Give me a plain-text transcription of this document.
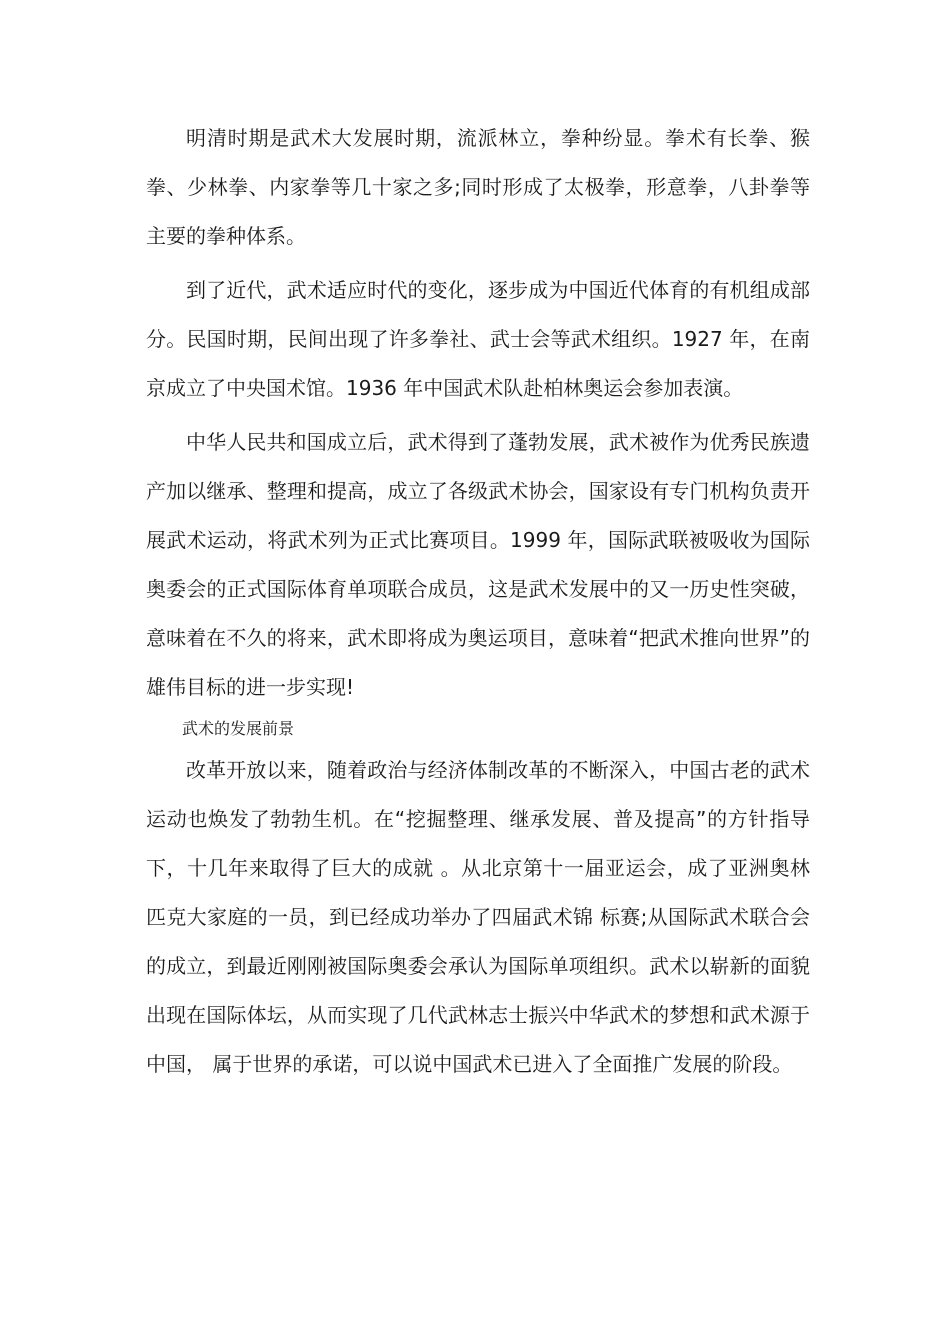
明清时期是武术大发展时期，流派林立，拳种纷显。拳术有长拳、猴拳、少林拳、内家拳等几十家之多;同时形成了太极拳，形意拳，八卦拳等主要的拳种体系。

到了近代，武术适应时代的变化，逐步成为中国近代体育的有机组成部分。民国时期，民间出现了许多拳社、武士会等武术组织。1927 年，在南京成立了中央国术馆。1936 年中国武术队赴柏林奥运会参加表演。

中华人民共和国成立后，武术得到了蓬勃发展，武术被作为优秀民族遗产加以继承、整理和提高，成立了各级武术协会，国家设有专门机构负责开展武术运动，将武术列为正式比赛项目。1999 年，国际武联被吸收为国际奥委会的正式国际体育单项联合成员，这是武术发展中的又一历史性突破，意味着在不久的将来，武术即将成为奥运项目，意味着“把武术推向世界”的雄伟目标的进一步实现!

武术的发展前景

改革开放以来，随着政治与经济体制改革的不断深入，中国古老的武术运动也焕发了勃勃生机。在“挖掘整理、继承发展、普及提高”的方针指导下，十几年来取得了巨大的成就 。从北京第十一届亚运会，成了亚洲奥林匹克大家庭的一员，到已经成功举办了四届武术锦 标赛;从国际武术联合会的成立，到最近刚刚被国际奥委会承认为国际单项组织。武术以崭新的面貌出现在国际体坛，从而实现了几代武林志士振兴中华武术的梦想和武术源于中国， 属于世界的承诺，可以说中国武术已进入了全面推广发展的阶段。
